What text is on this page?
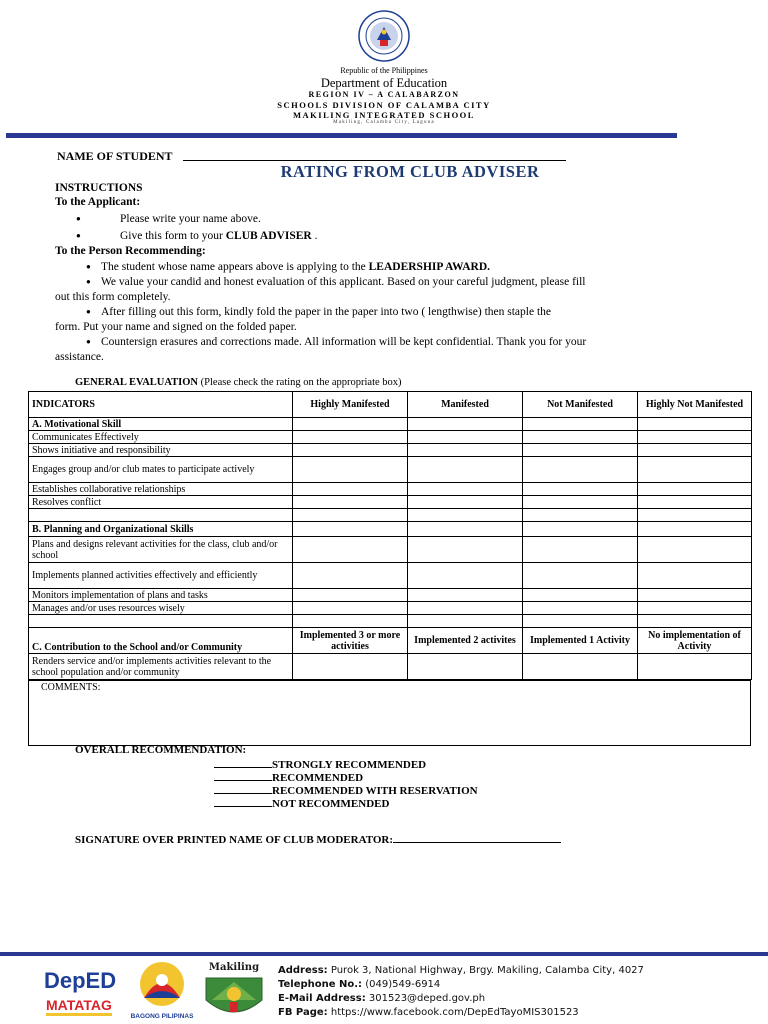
Republic of the Philippines
Department of Education
REGION IV – A CALABARZON
SCHOOLS DIVISION OF CALAMBA CITY
MAKILING INTEGRATED SCHOOL
Makiling, Calamba City, Laguna
NAME OF STUDENT
RATING FROM CLUB ADVISER
INSTRUCTIONS
To the Applicant:
●	Please write your name above.
●	Give this form to your CLUB ADVISER .
To the Person Recommending:
● The student whose name appears above is applying to the LEADERSHIP AWARD.
● We value your candid and honest evaluation of this applicant. Based on your careful judgment, please fill
out this form completely.
● After filling out this form, kindly fold the paper in the paper into two ( lengthwise) then staple the
form. Put your name and signed on the folded paper.
● Countersign erasures and corrections made. All information will be kept confidential. Thank you for your
assistance.
GENERAL EVALUATION (Please check the rating on the appropriate box)
INDICATORS	Highly Manifested	Manifested	Not Manifested	Highly Not Manifested
A. Motivational Skill				
Communicates Effectively				
Shows initiative and responsibility				
Engages group and/or club mates to participate actively				
Establishes collaborative relationships				
Resolves conflict				

B. Planning and Organizational Skills				
Plans and designs relevant activities for the class, club and/or school				
Implements planned activities effectively and efficiently				
Monitors implementation of plans and tasks				
Manages and/or uses resources wisely				

C. Contribution to the School and/or Community	Implemented 3 or more activities	Implemented 2 activites	Implemented 1 Activity	No implementation of Activity
Renders service and/or implements activities relevant to the school population and/or community				
COMMENTS:
OVERALL RECOMMENDATION:
STRONGLY RECOMMENDED
RECOMMENDED
RECOMMENDED WITH RESERVATION
NOT RECOMMENDED
SIGNATURE OVER PRINTED NAME OF CLUB MODERATOR:
DepED
MATATAG
BAGONG PILIPINAS
Makiling Address: Purok 3, National Highway, Brgy. Makiling, Calamba City, 4027
Telephone No.: (049)549-6914
E-Mail Address: 301523@deped.gov.ph
FB Page: https://www.facebook.com/DepEdTayoMIS301523
